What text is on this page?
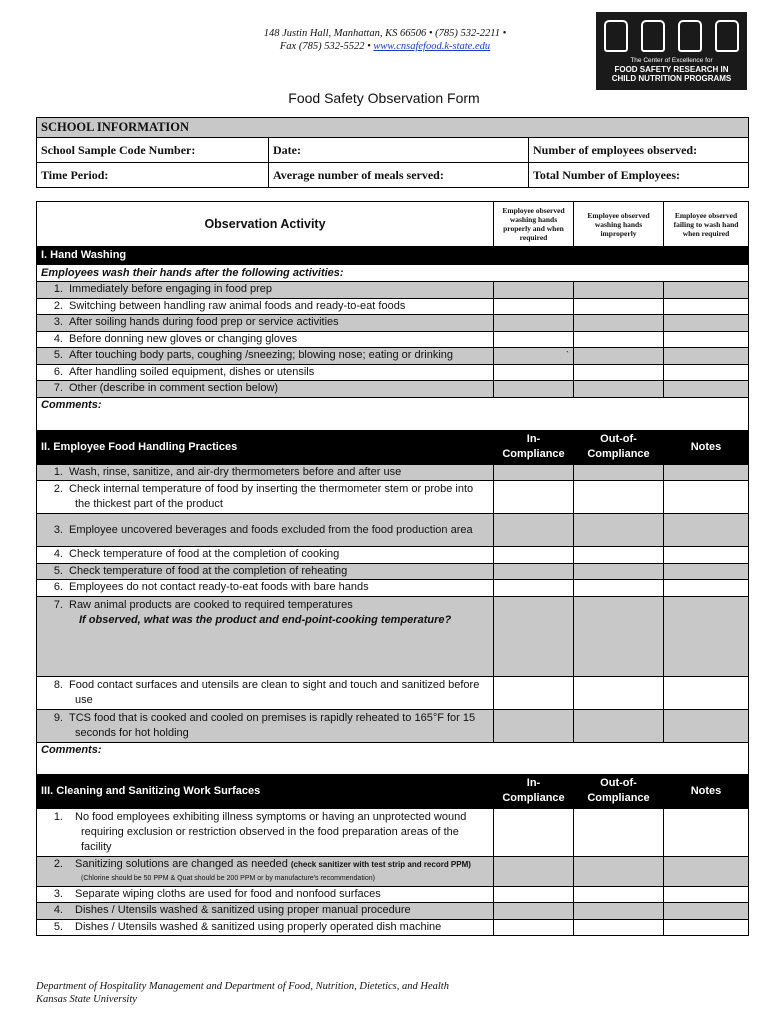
148 Justin Hall, Manhattan, KS 66506 • (785) 532-2211 •
Fax (785) 532-5522 • www.cnsafefood.k-state.edu
The Center of Excellence for
FOOD SAFETY RESEARCH IN
CHILD NUTRITION PROGRAMS
Food Safety Observation Form
SCHOOL INFORMATION		
School Sample Code Number:	Date:	Number of employees observed:
Time Period:	Average number of meals served:	Total Number of Employees:
Observation Activity	Employee observed washing hands properly and when required	Employee observed washing hands improperly	Employee observed failing to wash hand when required
I. Hand Washing			
Employees wash their hands after the following activities:			
1. Immediately before engaging in food prep			
2. Switching between handling raw animal foods and ready-to-eat foods			
3. After soiling hands during food prep or service activities			
4. Before donning new gloves or changing gloves			
5. After touching body parts, coughing /sneezing; blowing nose; eating or drinking	`		
6. After handling soiled equipment, dishes or utensils			
7. Other (describe in comment section below)			
Comments:			
II. Employee Food Handling Practices	In-Compliance	Out-of-Compliance	Notes
1. Wash, rinse, sanitize, and air-dry thermometers before and after use			
2. Check internal temperature of food by inserting the thermometer stem or probe into the thickest part of the product			
3. Employee uncovered beverages and foods excluded from the food production area			
4. Check temperature of food at the completion of cooking			
5. Check temperature of food at the completion of reheating			
6. Employees do not contact ready-to-eat foods with bare hands			

7. Raw animal products are cooked to required temperatures
If observed, what was the product and end-point-cooking temperature?			

8. Food contact surfaces and utensils are clean to sight and touch and sanitized before use			
9. TCS food that is cooked and cooled on premises is rapidly reheated to 165°F for 15 seconds for hot holding			
Comments:			
III. Cleaning and Sanitizing Work Surfaces	In-Compliance	Out-of-Compliance	Notes
1. No food employees exhibiting illness symptoms or having an unprotected wound requiring exclusion or restriction observed in the food preparation areas of the facility			
2. Sanitizing solutions are changed as needed (check sanitizer with test strip and record PPM) (Chlorine should be 50 PPM & Quat should be 200 PPM or by manufacture's recommendation)			
3. Separate wiping cloths are used for food and nonfood surfaces			
4. Dishes / Utensils washed & sanitized using proper manual procedure			
5. Dishes / Utensils washed & sanitized using properly operated dish machine			
Department of Hospitality Management and Department of Food, Nutrition, Dietetics, and Health
Kansas State University
